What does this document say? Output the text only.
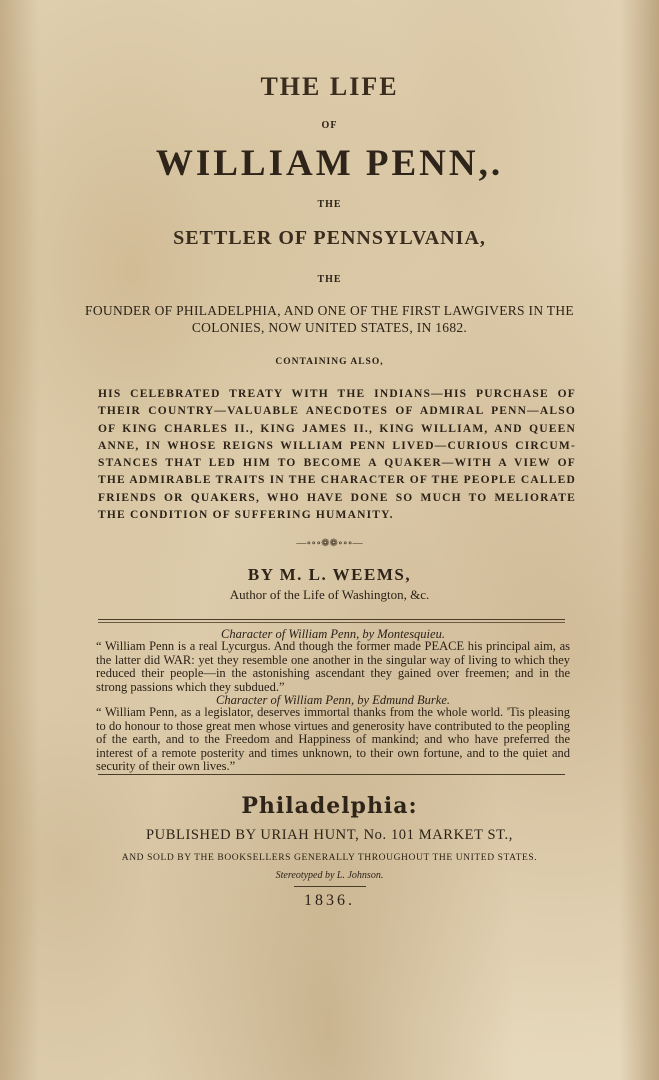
THE LIFE
OF
WILLIAM PENN,.
THE
SETTLER OF PENNSYLVANIA,
THE
FOUNDER OF PHILADELPHIA, AND ONE OF THE FIRST LAWGIVERS IN THE COLONIES, NOW UNITED STATES, IN 1682.
CONTAINING ALSO,
HIS CELEBRATED TREATY WITH THE INDIANS—HIS PURCHASE OF THEIR COUNTRY—VALUABLE ANECDOTES OF ADMIRAL PENN—ALSO OF KING CHARLES II., KING JAMES II., KING WILLIAM, AND QUEEN ANNE, IN WHOSE REIGNS WILLIAM PENN LIVED—CURIOUS CIRCUM-STANCES THAT LED HIM TO BECOME A QUAKER—WITH A VIEW OF THE ADMIRABLE TRAITS IN THE CHARACTER OF THE PEOPLE CALLED FRIENDS OR QUAKERS, WHO HAVE DONE SO MUCH TO MELIORATE THE CONDITION OF SUFFERING HUMANITY.
—∘∘∘❁❁∘∘∘—
BY M. L. WEEMS,
Author of the Life of Washington, &c.
Character of William Penn, by Montesquieu.
“ William Penn is a real Lycurgus. And though the former made PEACE his principal aim, as the latter did WAR: yet they resemble one another in the singular way of living to which they reduced their people—in the astonishing ascendant they gained over freemen; and in the strong passions which they subdued.”
Character of William Penn, by Edmund Burke.
“ William Penn, as a legislator, deserves immortal thanks from the whole world. 'Tis pleasing to do honour to those great men whose virtues and generosity have contributed to the peopling of the earth, and to the Freedom and Happiness of mankind; and who have preferred the interest of a remote posterity and times unknown, to their own fortune, and to the quiet and security of their own lives.”
Philadelphia:
PUBLISHED BY URIAH HUNT, No. 101 MARKET ST.,
AND SOLD BY THE BOOKSELLERS GENERALLY THROUGHOUT THE UNITED STATES.
Stereotyped by L. Johnson.
1836.
